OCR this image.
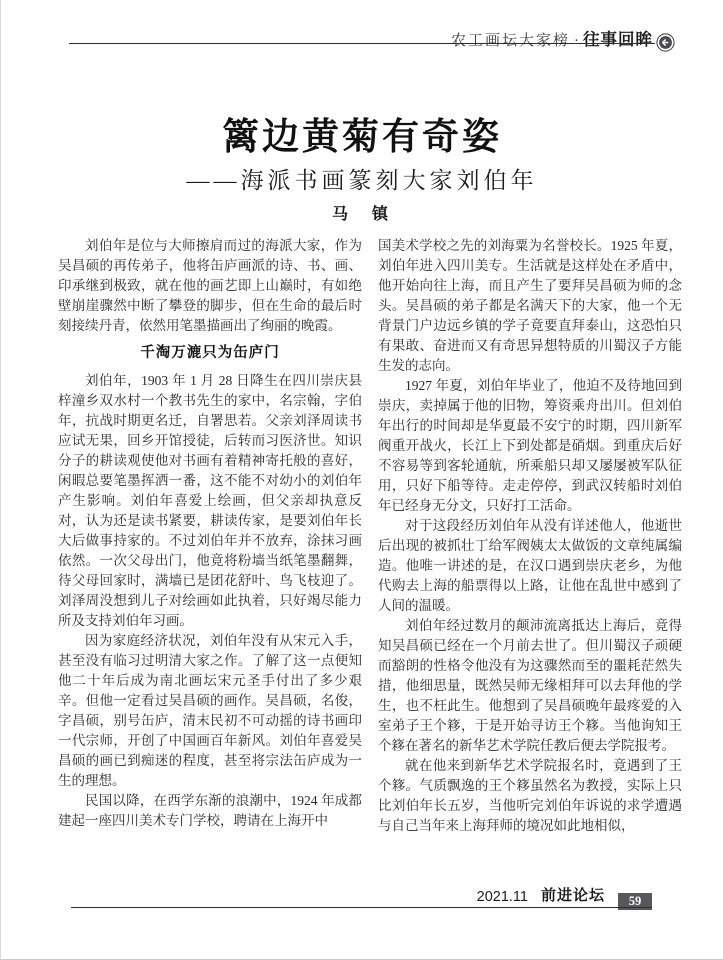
农工画坛大家榜 · 往事回眸
篱边黄菊有奇姿
——海派书画篆刻大家刘伯年
马　镇

刘伯年是位与大师擦肩而过的海派大家，作为吴昌硕的再传弟子，他将缶庐画派的诗、书、画、印承继到极致，就在他的画艺即上山巅时，有如绝壁崩崖骤然中断了攀登的脚步，但在生命的最后时刻接续丹青，依然用笔墨描画出了绚丽的晚霞。

千淘万漉只为缶庐门

刘伯年，1903 年 1 月 28 日降生在四川崇庆县梓潼乡双水村一个教书先生的家中，名宗翰，字伯年，抗战时期更名迁，自署思若。父亲刘泽周读书应试无果，回乡开馆授徒，后转而习医济世。知识分子的耕读观使他对书画有着精神寄托般的喜好，闲暇总要笔墨挥洒一番，这不能不对幼小的刘伯年产生影响。刘伯年喜爱上绘画，但父亲却执意反对，认为还是读书紧要，耕读传家，是要刘伯年长大后做事持家的。不过刘伯年并不放弃，涂抹习画依然。一次父母出门，他竟将粉墙当纸笔墨翻舞，待父母回家时，满墙已是团花舒叶、鸟飞枝迎了。刘泽周没想到儿子对绘画如此执着，只好竭尽能力所及支持刘伯年习画。

因为家庭经济状况，刘伯年没有从宋元入手，甚至没有临习过明清大家之作。了解了这一点便知他二十年后成为南北画坛宋元圣手付出了多少艰辛。但他一定看过吴昌硕的画作。吴昌硕，名俊，字昌硕，别号缶庐，清末民初不可动摇的诗书画印一代宗师，开创了中国画百年新风。刘伯年喜爱吴昌硕的画已到痴迷的程度，甚至将宗法缶庐成为一生的理想。

民国以降，在西学东渐的浪潮中，1924 年成都建起一座四川美术专门学校，聘请在上海开中

国美术学校之先的刘海粟为名誉校长。1925 年夏，刘伯年进入四川美专。生活就是这样处在矛盾中，他开始向往上海，而且产生了要拜吴昌硕为师的念头。吴昌硕的弟子都是名满天下的大家，他一个无背景门户边远乡镇的学子竟要直拜泰山，这恐怕只有果敢、奋进而又有奇思异想特质的川蜀汉子方能生发的志向。

1927 年夏，刘伯年毕业了，他迫不及待地回到崇庆，卖掉属于他的旧物，筹资乘舟出川。但刘伯年出行的时间却是华夏最不安宁的时期，四川新军阀重开战火，长江上下到处都是硝烟。到重庆后好不容易等到客轮通航，所乘船只却又屡屡被军队征用，只好下船等待。走走停停，到武汉转船时刘伯年已经身无分文，只好打工活命。

对于这段经历刘伯年从没有详述他人，他逝世后出现的被抓壮丁给军阀姨太太做饭的文章纯属编造。他唯一讲述的是，在汉口遇到崇庆老乡，为他代购去上海的船票得以上路，让他在乱世中感到了人间的温暖。

刘伯年经过数月的颠沛流离抵达上海后，竟得知吴昌硕已经在一个月前去世了。但川蜀汉子顽硬而豁朗的性格令他没有为这骤然而至的噩耗茫然失措，他细思量，既然吴师无缘相拜可以去拜他的学生，也不枉此生。他想到了吴昌硕晚年最疼爱的入室弟子王个簃，于是开始寻访王个簃。当他询知王个簃在著名的新华艺术学院任教后便去学院报考。

就在他来到新华艺术学院报名时，竟遇到了王个簃。气质飘逸的王个簃虽然名为教授，实际上只比刘伯年长五岁，当他听完刘伯年诉说的求学遭遇与自己当年来上海拜师的境况如此地相似，

2021.11 前进论坛	59
